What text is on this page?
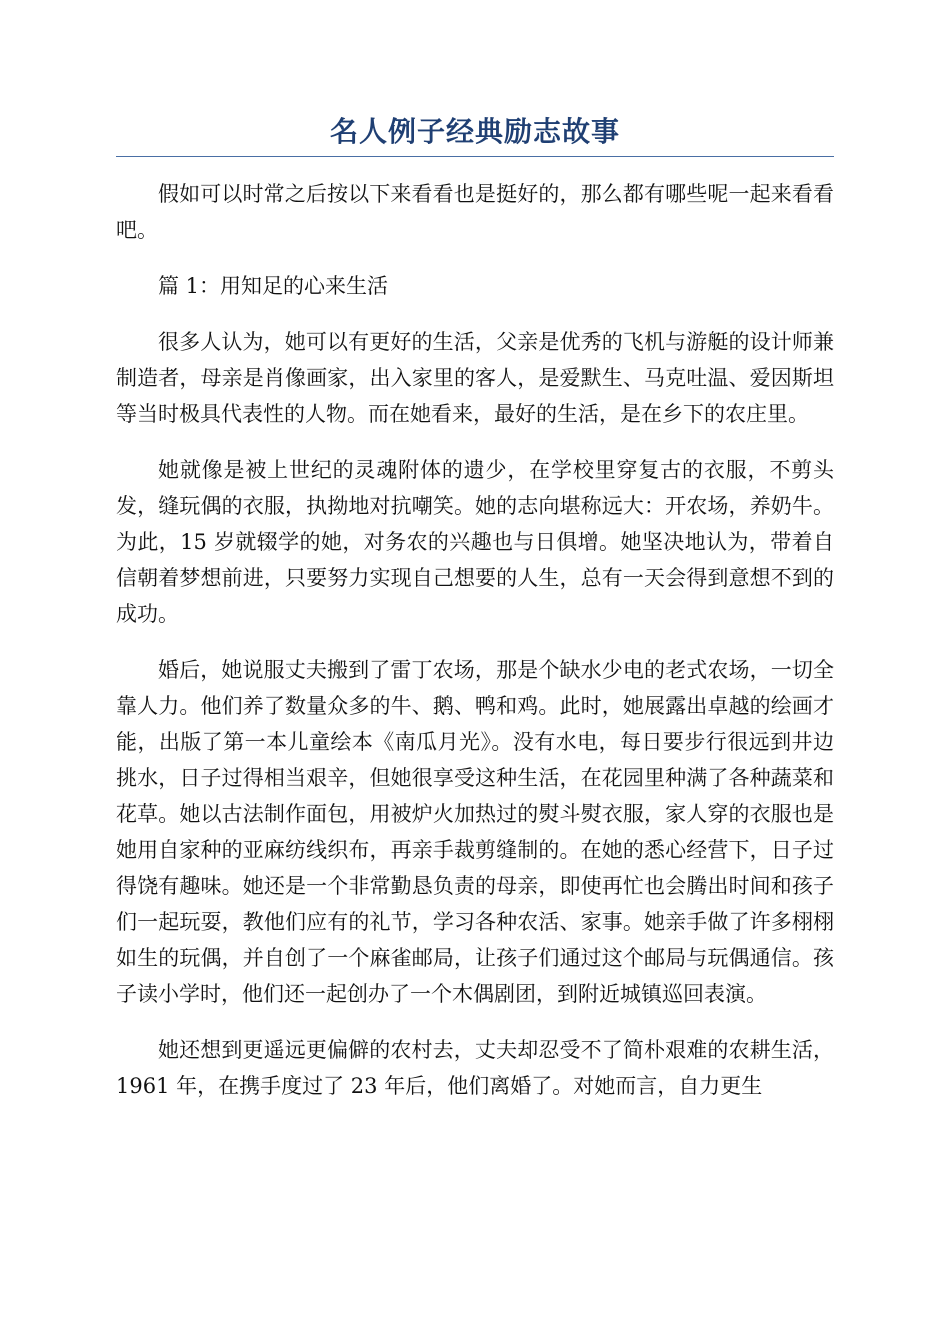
名人例子经典励志故事

假如可以时常之后按以下来看看也是挺好的，那么都有哪些呢一起来看看吧。

篇 1：用知足的心来生活

很多人认为，她可以有更好的生活，父亲是优秀的飞机与游艇的设计师兼制造者，母亲是肖像画家，出入家里的客人，是爱默生、马克吐温、爱因斯坦等当时极具代表性的人物。而在她看来，最好的生活，是在乡下的农庄里。

她就像是被上世纪的灵魂附体的遗少，在学校里穿复古的衣服，不剪头发，缝玩偶的衣服，执拗地对抗嘲笑。她的志向堪称远大：开农场，养奶牛。为此，15 岁就辍学的她，对务农的兴趣也与日俱增。她坚决地认为，带着自信朝着梦想前进，只要努力实现自己想要的人生，总有一天会得到意想不到的成功。

婚后，她说服丈夫搬到了雷丁农场，那是个缺水少电的老式农场，一切全靠人力。他们养了数量众多的牛、鹅、鸭和鸡。此时，她展露出卓越的绘画才能，出版了第一本儿童绘本《南瓜月光》。没有水电，每日要步行很远到井边挑水，日子过得相当艰辛，但她很享受这种生活，在花园里种满了各种蔬菜和花草。她以古法制作面包，用被炉火加热过的熨斗熨衣服，家人穿的衣服也是她用自家种的亚麻纺线织布，再亲手裁剪缝制的。在她的悉心经营下，日子过得饶有趣味。她还是一个非常勤恳负责的母亲，即使再忙也会腾出时间和孩子们一起玩耍，教他们应有的礼节，学习各种农活、家事。她亲手做了许多栩栩如生的玩偶，并自创了一个麻雀邮局，让孩子们通过这个邮局与玩偶通信。孩子读小学时，他们还一起创办了一个木偶剧团，到附近城镇巡回表演。

她还想到更遥远更偏僻的农村去，丈夫却忍受不了简朴艰难的农耕生活，1961 年，在携手度过了 23 年后，他们离婚了。对她而言，自力更生
